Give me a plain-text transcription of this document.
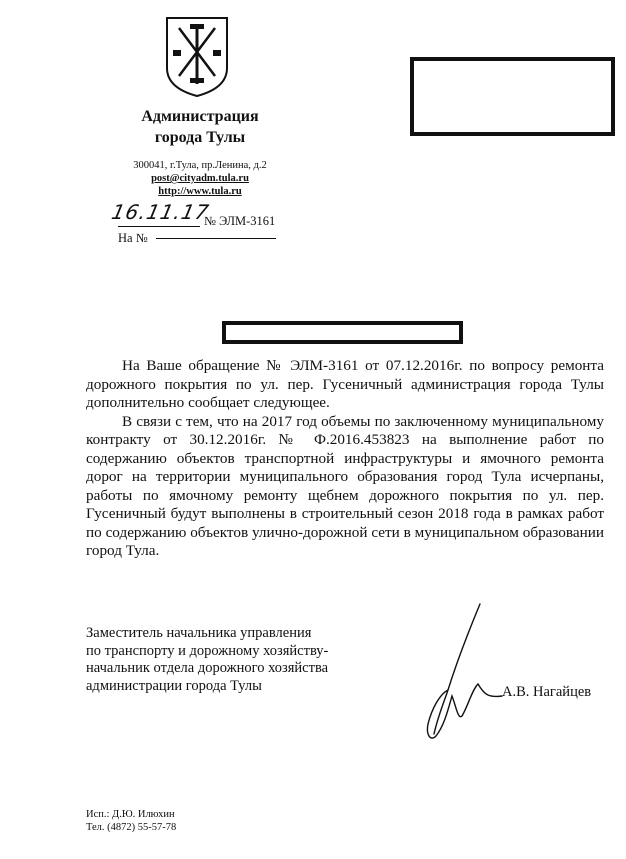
Администрация
города Тулы
300041, г.Тула, пр.Ленина, д.2
post@cityadm.tula.ru
http://www.tula.ru
16.11.17
№ ЭЛМ-3161
На №

На Ваше обращение № ЭЛМ-3161 от 07.12.2016г. по вопросу ремонта дорожного покрытия по ул. пер. Гусеничный администрация города Тулы дополнительно сообщает следующее.

В связи с тем, что на 2017 год объемы по заключенному муниципальному контракту от 30.12.2016г. № Ф.2016.453823 на выполнение работ по содержанию объектов транспортной инфраструктуры и ямочного ремонта дорог на территории муниципального образования город Тула исчерпаны, работы по ямочному ремонту щебнем дорожного покрытия по ул. пер. Гусеничный будут выполнены в строительный сезон 2018 года в рамках работ по содержанию объектов улично-дорожной сети в муниципальном образовании город Тула.

Заместитель начальника управления
по транспорту и дорожному хозяйству-
начальник отдела дорожного хозяйства
администрации города Тулы	А.В. Нагайцев
Исп.: Д.Ю. Илюхин
Тел. (4872) 55-57-78
